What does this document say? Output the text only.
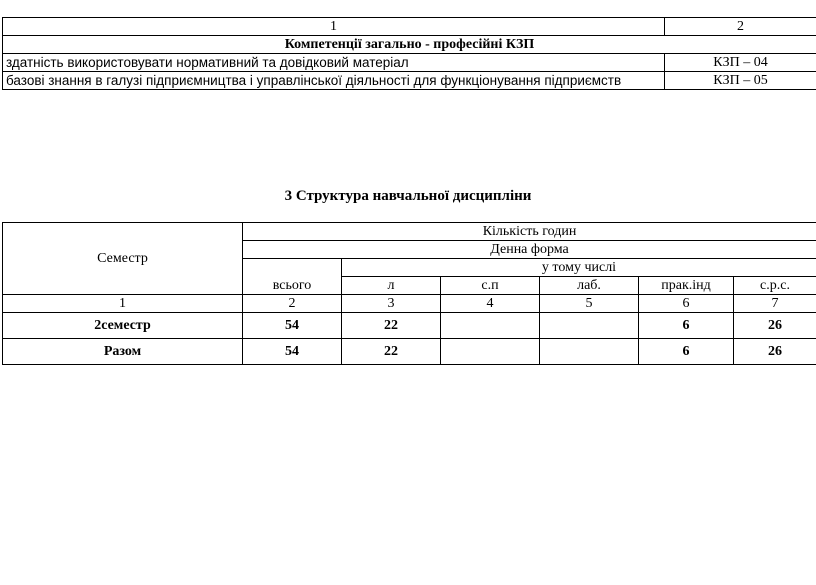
1	2
Компетенції загально - професійні КЗП	
здатність використовувати нормативний та довідковий матеріал	КЗП – 04
базові знання в галузі підприємництва і управлінської діяльності для функціонування підприємств	КЗП – 05
3 Структура навчальної дисципліни
Семестр	Кількість годин					
	Денна форма					
	всього	у тому числі				
		л	с.п	лаб.	прак.інд	с.р.с.
1	2	3	4	5	6	7
2семестр	54	22			6	26
Разом	54	22			6	26
